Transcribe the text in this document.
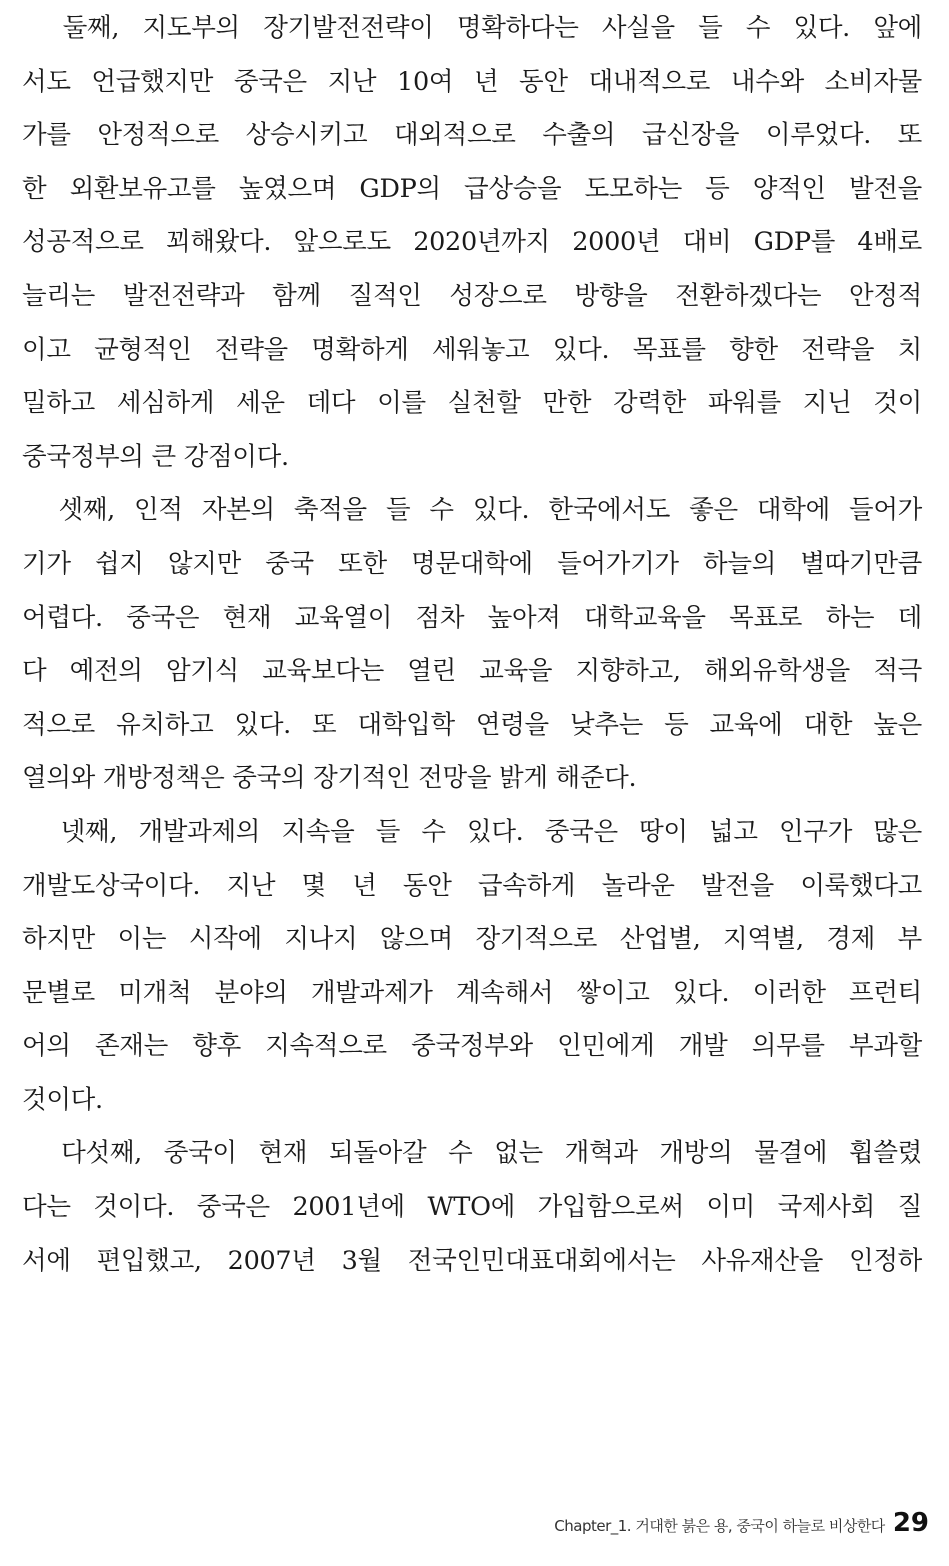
　둘째, 지도부의 장기발전전략이 명확하다는 사실을 들 수 있다. 앞에
서도 언급했지만 중국은 지난 10여 년 동안 대내적으로 내수와 소비자물
가를 안정적으로 상승시키고 대외적으로 수출의 급신장을 이루었다. 또
한 외환보유고를 높였으며 GDP의 급상승을 도모하는 등 양적인 발전을
성공적으로 꾀해왔다. 앞으로도 2020년까지 2000년 대비 GDP를 4배로
늘리는 발전전략과 함께 질적인 성장으로 방향을 전환하겠다는 안정적
이고 균형적인 전략을 명확하게 세워놓고 있다. 목표를 향한 전략을 치
밀하고 세심하게 세운 데다 이를 실천할 만한 강력한 파워를 지닌 것이
중국정부의 큰 강점이다.
　셋째, 인적 자본의 축적을 들 수 있다. 한국에서도 좋은 대학에 들어가
기가 쉽지 않지만 중국 또한 명문대학에 들어가기가 하늘의 별따기만큼
어렵다. 중국은 현재 교육열이 점차 높아져 대학교육을 목표로 하는 데
다 예전의 암기식 교육보다는 열린 교육을 지향하고, 해외유학생을 적극
적으로 유치하고 있다. 또 대학입학 연령을 낮추는 등 교육에 대한 높은
열의와 개방정책은 중국의 장기적인 전망을 밝게 해준다.
　넷째, 개발과제의 지속을 들 수 있다. 중국은 땅이 넓고 인구가 많은
개발도상국이다. 지난 몇 년 동안 급속하게 놀라운 발전을 이룩했다고
하지만 이는 시작에 지나지 않으며 장기적으로 산업별, 지역별, 경제 부
문별로 미개척 분야의 개발과제가 계속해서 쌓이고 있다. 이러한 프런티
어의 존재는 향후 지속적으로 중국정부와 인민에게 개발 의무를 부과할
것이다.
　다섯째, 중국이 현재 되돌아갈 수 없는 개혁과 개방의 물결에 휩쓸렸
다는 것이다. 중국은 2001년에 WTO에 가입함으로써 이미 국제사회 질
서에 편입했고, 2007년 3월 전국인민대표대회에서는 사유재산을 인정하
Chapter_1. 거대한 붉은 용, 중국이 하늘로 비상한다 29
